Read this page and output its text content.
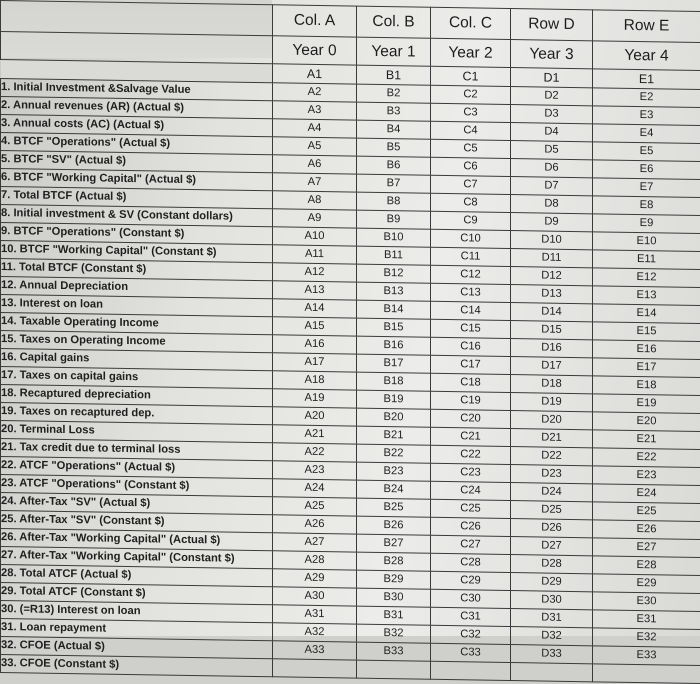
	Col. A	Col. B	Col. C	Row D	Row E
	Year 0	Year 1	Year 2	Year 3	Year 4
	A1	B1	C1	D1	E1
1. Initial Investment &Salvage Value	A2	B2	C2	D2	E2
2. Annual revenues (AR) (Actual $)	A3	B3	C3	D3	E3
3. Annual costs (AC) (Actual $)	A4	B4	C4	D4	E4
4. BTCF "Operations" (Actual $)	A5	B5	C5	D5	E5
5. BTCF "SV" (Actual $)	A6	B6	C6	D6	E6
6. BTCF "Working Capital" (Actual $)	A7	B7	C7	D7	E7
7. Total BTCF (Actual $)	A8	B8	C8	D8	E8
8. Initial investment & SV (Constant dollars)	A9	B9	C9	D9	E9
9. BTCF "Operations" (Constant $)	A10	B10	C10	D10	E10
10. BTCF "Working Capital" (Constant $)	A11	B11	C11	D11	E11
11. Total BTCF (Constant $)	A12	B12	C12	D12	E12
12. Annual Depreciation	A13	B13	C13	D13	E13
13. Interest on loan	A14	B14	C14	D14	E14
14. Taxable Operating Income	A15	B15	C15	D15	E15
15. Taxes on Operating Income	A16	B16	C16	D16	E16
16. Capital gains	A17	B17	C17	D17	E17
17. Taxes on capital gains	A18	B18	C18	D18	E18
18. Recaptured depreciation	A19	B19	C19	D19	E19
19. Taxes on recaptured dep.	A20	B20	C20	D20	E20
20. Terminal Loss	A21	B21	C21	D21	E21
21. Tax credit due to terminal loss	A22	B22	C22	D22	E22
22. ATCF "Operations" (Actual $)	A23	B23	C23	D23	E23
23. ATCF "Operations" (Constant $)	A24	B24	C24	D24	E24
24. After-Tax "SV" (Actual $)	A25	B25	C25	D25	E25
25. After-Tax "SV" (Constant $)	A26	B26	C26	D26	E26
26. After-Tax "Working Capital" (Actual $)	A27	B27	C27	D27	E27
27. After-Tax "Working Capital" (Constant $)	A28	B28	C28	D28	E28
28. Total ATCF (Actual $)	A29	B29	C29	D29	E29
29. Total ATCF (Constant $)	A30	B30	C30	D30	E30
30. (=R13) Interest on loan	A31	B31	C31	D31	E31
31. Loan repayment	A32	B32	C32	D32	E32
32. CFOE (Actual $)	A33	B33	C33	D33	E33
33. CFOE (Constant $)					
